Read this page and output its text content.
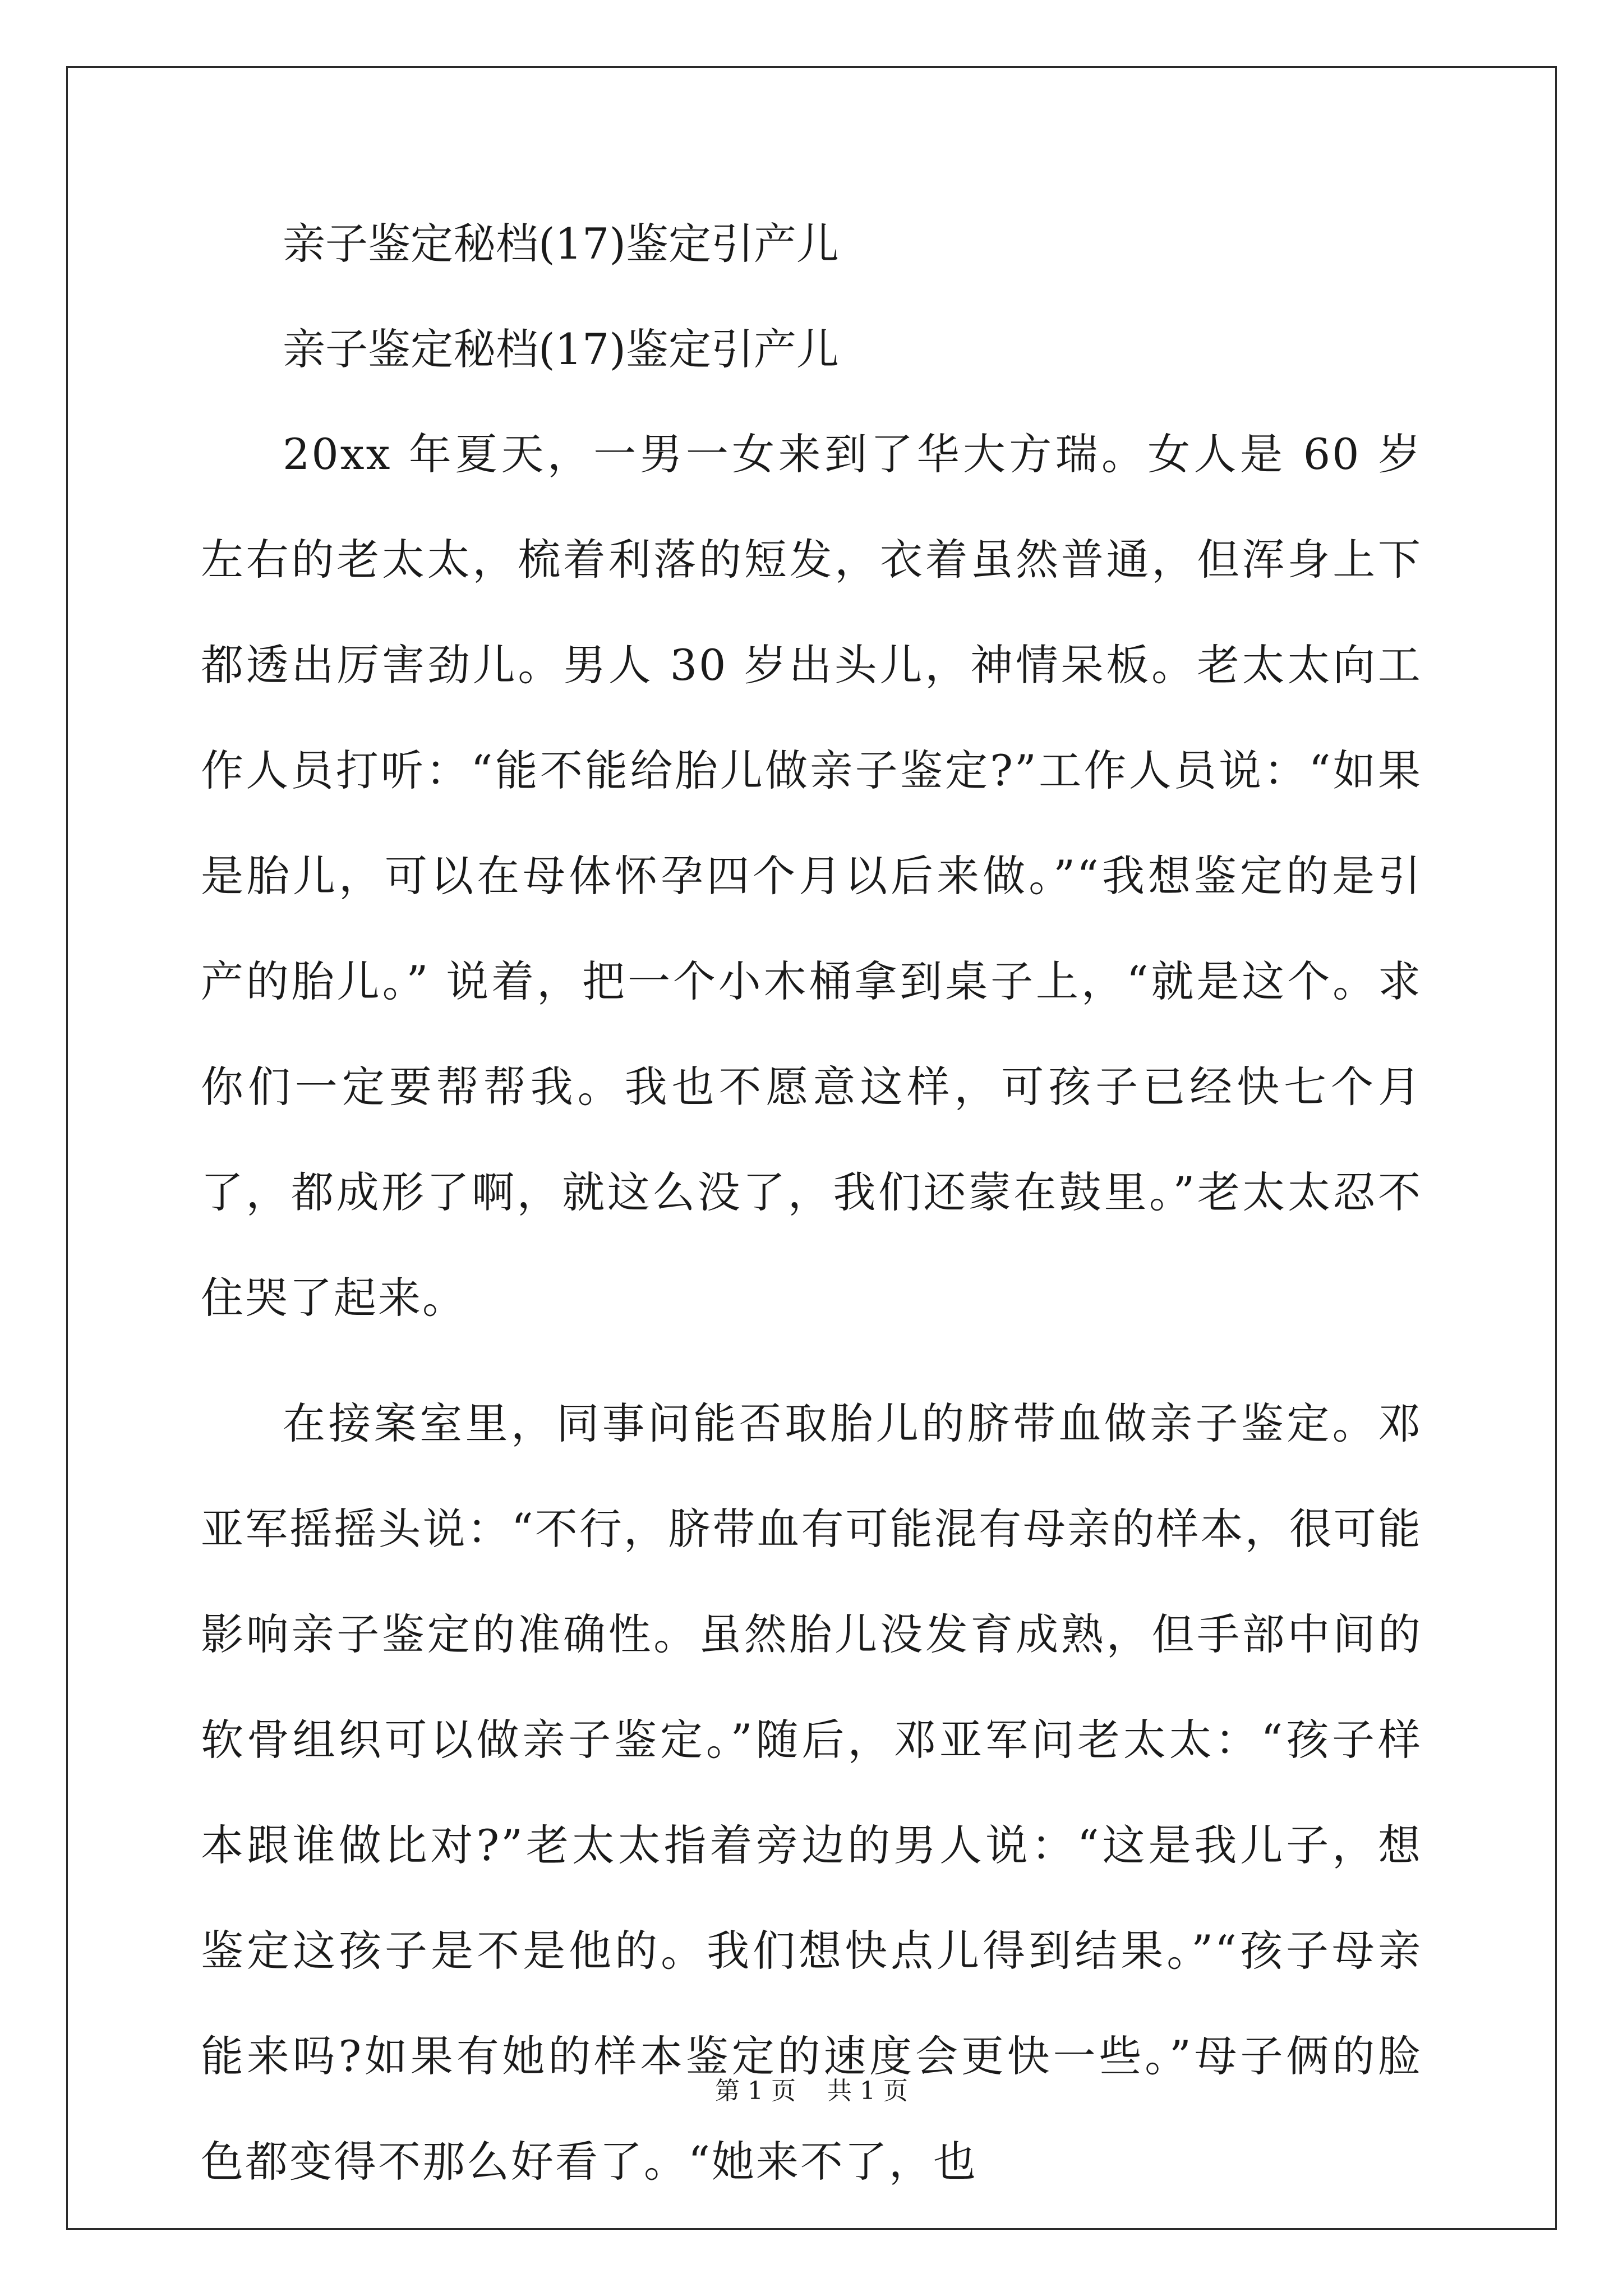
亲子鉴定秘档(17)鉴定引产儿

亲子鉴定秘档(17)鉴定引产儿

20xx 年夏天，一男一女来到了华大方瑞。女人是 60 岁左右的老太太，梳着利落的短发，衣着虽然普通，但浑身上下都透出厉害劲儿。男人 30 岁出头儿，神情呆板。老太太向工作人员打听：“能不能给胎儿做亲子鉴定?”工作人员说：“如果是胎儿，可以在母体怀孕四个月以后来做。”“我想鉴定的是引产的胎儿。” 说着，把一个小木桶拿到桌子上，“就是这个。求你们一定要帮帮我。我也不愿意这样，可孩子已经快七个月了，都成形了啊，就这么没了，我们还蒙在鼓里。”老太太忍不住哭了起来。

在接案室里，同事问能否取胎儿的脐带血做亲子鉴定。邓亚军摇摇头说：“不行，脐带血有可能混有母亲的样本，很可能影响亲子鉴定的准确性。虽然胎儿没发育成熟，但手部中间的软骨组织可以做亲子鉴定。”随后，邓亚军问老太太：“孩子样本跟谁做比对?”老太太指着旁边的男人说：“这是我儿子，想鉴定这孩子是不是他的。我们想快点儿得到结果。”“孩子母亲能来吗?如果有她的样本鉴定的速度会更快一些。”母子俩的脸色都变得不那么好看了。“她来不了，也

第 1 页    共 1 页
